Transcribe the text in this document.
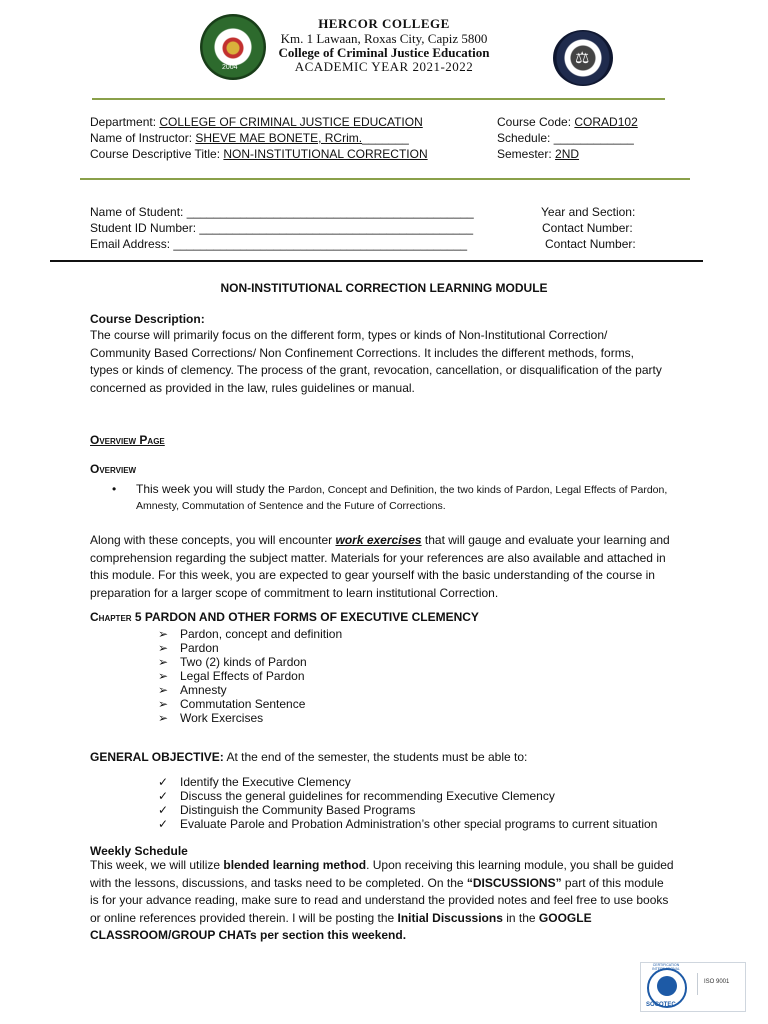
2004
⚖
HERCOR COLLEGE
Km. 1 Lawaan, Roxas City, Capiz 5800
College of Criminal Justice Education
ACADEMIC YEAR 2021-2022
Department: COLLEGE OF CRIMINAL JUSTICE EDUCATION
Name of Instructor: SHEVE MAE BONETE, RCrim._______
Course Descriptive Title: NON-INSTITUTIONAL CORRECTION
Course Code: CORAD102
Schedule: ____________
Semester: 2ND
Name of Student: ___________________________________________
Student ID Number: _________________________________________
Email Address: ____________________________________________
Year and Section:
Contact Number:
Contact Number:
NON-INSTITUTIONAL CORRECTION LEARNING MODULE
Course Description:
The course will primarily focus on the different form, types or kinds of Non-Institutional Correction/ Community Based Corrections/ Non Confinement Corrections. It includes the different methods, forms, types or kinds of clemency. The process of the grant, revocation, cancellation, or disqualification of the party concerned as provided in the law, rules guidelines or manual.
Overview Page
Overview
• This week you will study the Pardon, Concept and Definition, the two kinds of Pardon, Legal Effects of Pardon, Amnesty, Commutation of Sentence and the Future of Corrections.
Along with these concepts, you will encounter work exercises that will gauge and evaluate your learning and comprehension regarding the subject matter. Materials for your references are also available and attached in this module. For this week, you are expected to gear yourself with the basic understanding of the course in preparation for a larger scope of commitment to learn institutional Correction.
Chapter 5 PARDON AND OTHER FORMS OF EXECUTIVE CLEMENCY
➢ Pardon, concept and definition
➢ Pardon
➢ Two (2) kinds of Pardon
➢ Legal Effects of Pardon
➢ Amnesty
➢ Commutation Sentence
➢ Work Exercises
GENERAL OBJECTIVE: At the end of the semester, the students must be able to:
✓ Identify the Executive Clemency
✓ Discuss the general guidelines for recommending Executive Clemency
✓ Distinguish the Community Based Programs
✓ Evaluate Parole and Probation Administration’s other special programs to current situation
Weekly Schedule
This week, we will utilize blended learning method. Upon receiving this learning module, you shall be guided with the lessons, discussions, and tasks need to be completed. On the “DISCUSSIONS” part of this module is for your advance reading, make sure to read and understand the provided notes and feel free to use books or online references provided therein. I will be posting the Initial Discussions in the GOOGLE CLASSROOM/GROUP CHATs per section this weekend.
CERTIFICATION INTERNATIONAL
SOCOTEC
ISO 9001
